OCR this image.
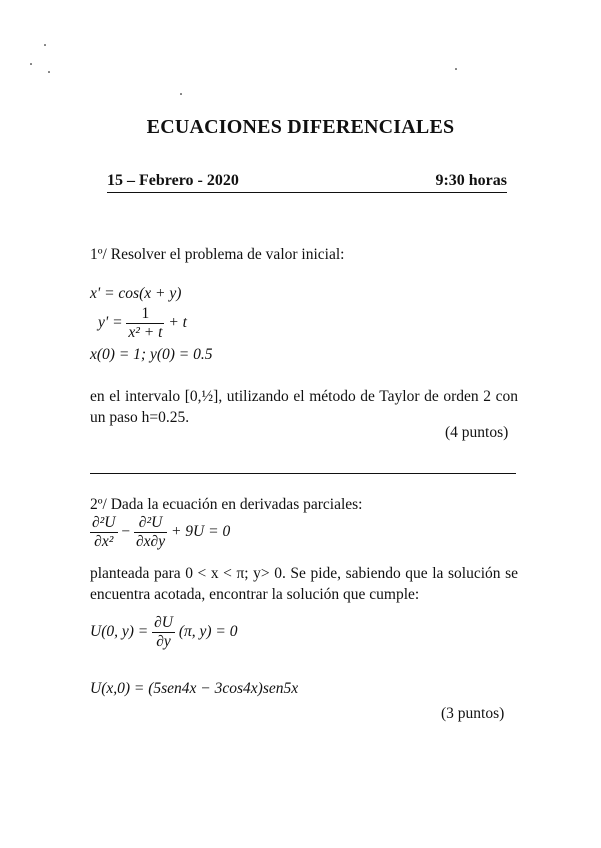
ECUACIONES DIFERENCIALES
15 – Febrero - 2020	9:30 horas
1º/ Resolver el problema de valor inicial:
x' = cos(x + y)
$y' = \frac{1}{\text{x² + t}} + t$
x(0) = 1; y(0) = 0.5
en el intervalo [0,½], utilizando el método de Taylor de orden 2 con un paso h=0.25.
(4 puntos)
2º/ Dada la ecuación en derivadas parciales:
$\frac{\text{∂²U}}{\text{∂x²}} - \frac{\text{∂²U}}{\partial x\partial y} + 9U = 0$
planteada para 0 < x < π; y> 0. Se pide, sabiendo que la solución se encuentra acotada, encontrar la solución que cumple:
U(0, $y) = \frac{\partial U}{\partial y} (\pi$, y) = 0
U(x,0) = (5sen4x − 3cos4x)sen5x
(3 puntos)
